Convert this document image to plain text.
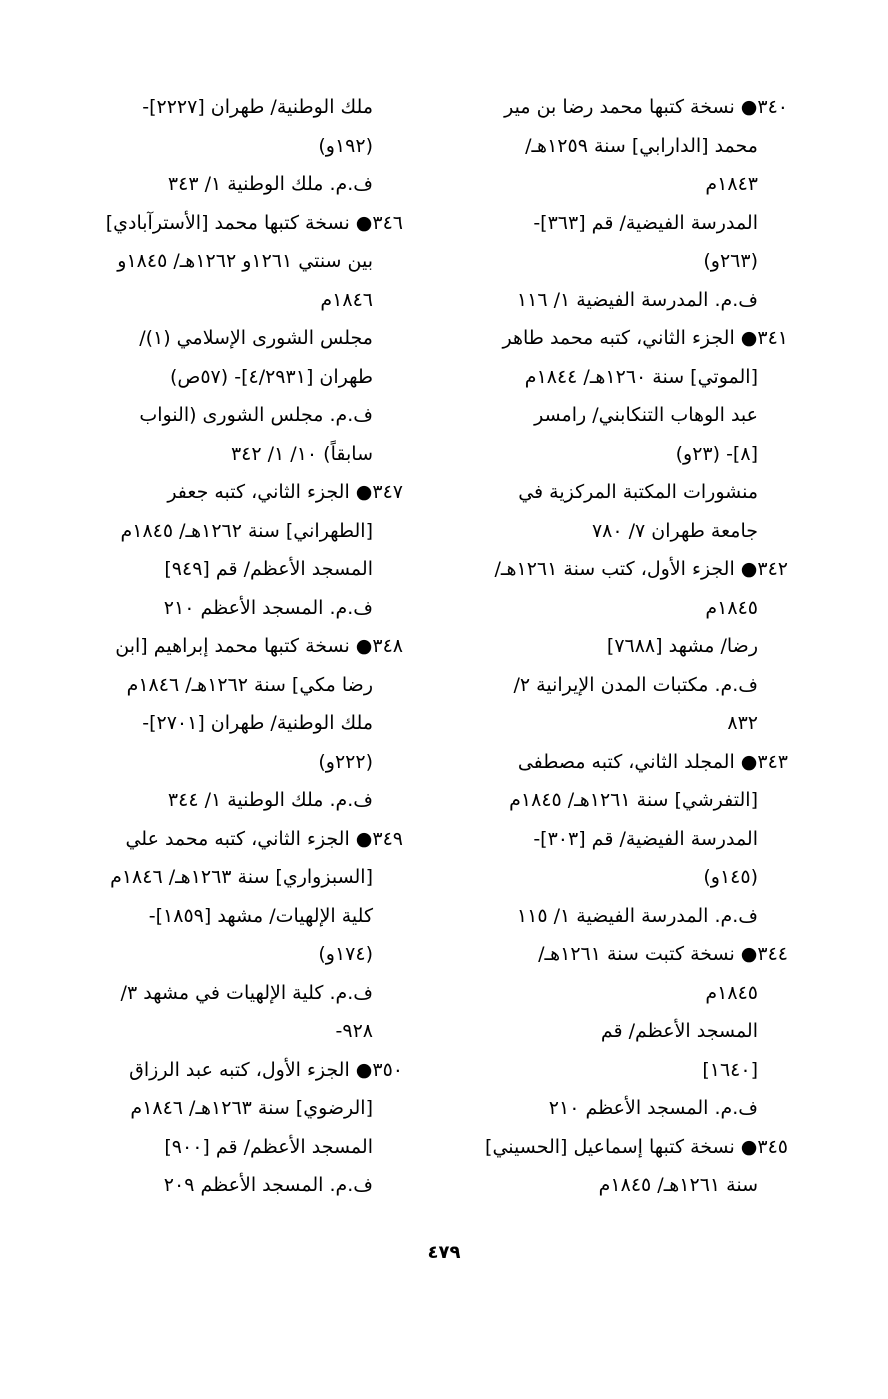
٣٤٠● نسخة كتبها محمد رضا بن مير
محمد [الدارابي] سنة ١٢٥٩هـ/
١٨٤٣م
المدرسة الفيضية/ قم [٣٦٣]-
(٢٦٣و)
ف.م. المدرسة الفيضية ١/ ١١٦
٣٤١● الجزء الثاني، كتبه محمد طاهر
[الموتي] سنة ١٢٦٠هـ/ ١٨٤٤م
عبد الوهاب التنكابني/ رامسر
[٨]- (٢٣و)
منشورات المكتبة المركزية في
جامعة طهران ٧/ ٧٨٠
٣٤٢● الجزء الأول، كتب سنة ١٢٦١هـ/
١٨٤٥م
رضا/ مشهد [٧٦٨٨]
ف.م. مكتبات المدن الإيرانية ٢/
٨٣٢
٣٤٣● المجلد الثاني، كتبه مصطفى
[التفرشي] سنة ١٢٦١هـ/ ١٨٤٥م
المدرسة الفيضية/ قم [٣٠٣]-
(١٤٥و)
ف.م. المدرسة الفيضية ١/ ١١٥
٣٤٤● نسخة كتبت سنة ١٢٦١هـ/
١٨٤٥م
المسجد الأعظم/ قم
[١٦٤٠]
ف.م. المسجد الأعظم ٢١٠
٣٤٥● نسخة كتبها إسماعيل [الحسيني]
سنة ١٢٦١هـ/ ١٨٤٥م
ملك الوطنية/ طهران [٢٢٢٧]-
(١٩٢و)
ف.م. ملك الوطنية ١/ ٣٤٣
٣٤٦● نسخة كتبها محمد [الأسترآبادي]
بين سنتي ١٢٦١و ١٢٦٢هـ/ ١٨٤٥و
١٨٤٦م
مجلس الشورى الإسلامي (١)/
طهران [٤/٢٩٣١]- (٥٧ص)
ف.م. مجلس الشورى (النواب
سابقاً) ١٠/ ١/ ٣٤٢
٣٤٧● الجزء الثاني، كتبه جعفر
[الطهراني] سنة ١٢٦٢هـ/ ١٨٤٥م
المسجد الأعظم/ قم [٩٤٩]
ف.م. المسجد الأعظم ٢١٠
٣٤٨● نسخة كتبها محمد إبراهيم [ابن
رضا مكي] سنة ١٢٦٢هـ/ ١٨٤٦م
ملك الوطنية/ طهران [٢٧٠١]-
(٢٢٢و)
ف.م. ملك الوطنية ١/ ٣٤٤
٣٤٩● الجزء الثاني، كتبه محمد علي
[السبزواري] سنة ١٢٦٣هـ/ ١٨٤٦م
كلية الإلهيات/ مشهد [١٨٥٩]-
(١٧٤و)
ف.م. كلية الإلهيات في مشهد ٣/
٩٢٨-
٣٥٠● الجزء الأول، كتبه عبد الرزاق
[الرضوي] سنة ١٢٦٣هـ/ ١٨٤٦م
المسجد الأعظم/ قم [٩٠٠]
ف.م. المسجد الأعظم ٢٠٩
٤٧٩
